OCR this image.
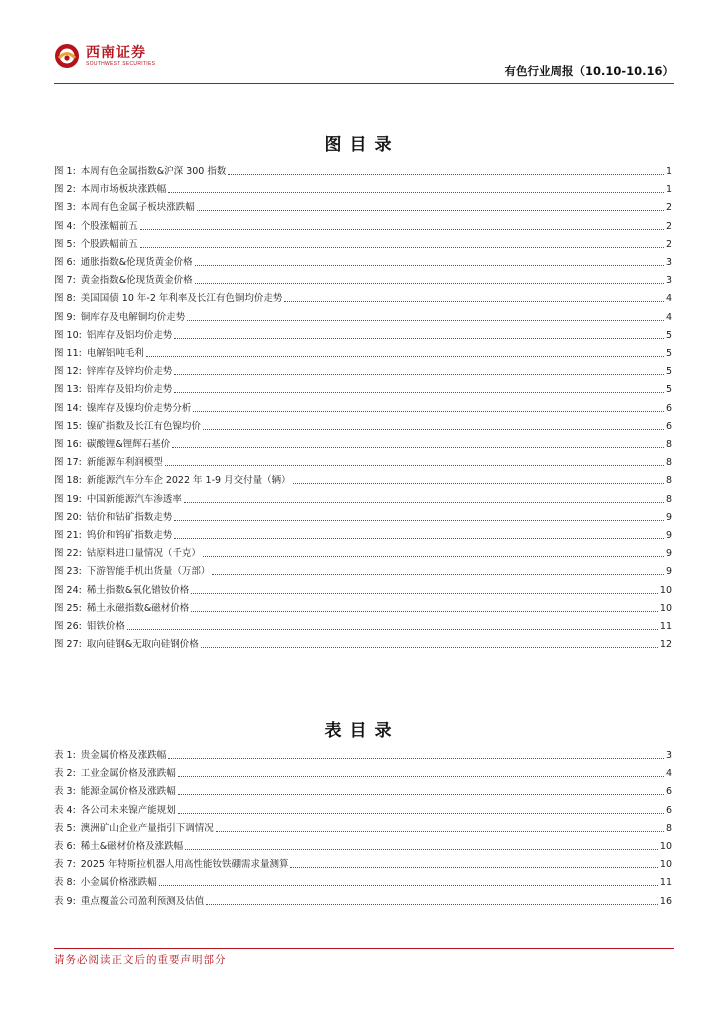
西南证券
SOUTHWEST SECURITIES
有色行业周报（10.10-10.16）
图目录
图 1: 本周有色金属指数&沪深 300 指数	1
图 2: 本周市场板块涨跌幅	1
图 3: 本周有色金属子板块涨跌幅	2
图 4: 个股涨幅前五	2
图 5: 个股跌幅前五	2
图 6: 通胀指数&伦现货黄金价格	3
图 7: 黄金指数&伦现货黄金价格	3
图 8: 美国国债 10 年-2 年利率及长江有色铜均价走势	4
图 9: 铜库存及电解铜均价走势	4
图 10: 铝库存及铝均价走势	5
图 11: 电解铝吨毛利	5
图 12: 锌库存及锌均价走势	5
图 13: 铅库存及铅均价走势	5
图 14: 镍库存及镍均价走势分析	6
图 15: 镍矿指数及长江有色镍均价	6
图 16: 碳酸锂&锂辉石基价	8
图 17: 新能源车利润模型	8
图 18: 新能源汽车分车企 2022 年 1-9 月交付量（辆）	8
图 19: 中国新能源汽车渗透率	8
图 20: 钴价和钴矿指数走势	9
图 21: 钨价和钨矿指数走势	9
图 22: 钴原料进口量情况（千克）	9
图 23: 下游智能手机出货量（万部）	9
图 24: 稀土指数&氧化镨钕价格	10
图 25: 稀土永磁指数&磁材价格	10
图 26: 钼铁价格	11
图 27: 取向硅钢&无取向硅钢价格	12
表目录
表 1: 贵金属价格及涨跌幅	3
表 2: 工业金属价格及涨跌幅	4
表 3: 能源金属价格及涨跌幅	6
表 4: 各公司未来镍产能规划	6
表 5: 澳洲矿山企业产量指引下调情况	8
表 6: 稀土&磁材价格及涨跌幅	10
表 7: 2025 年特斯拉机器人用高性能钕铁硼需求量测算	10
表 8: 小金属价格涨跌幅	11
表 9: 重点覆盖公司盈利预测及估值	16
请务必阅读正文后的重要声明部分
